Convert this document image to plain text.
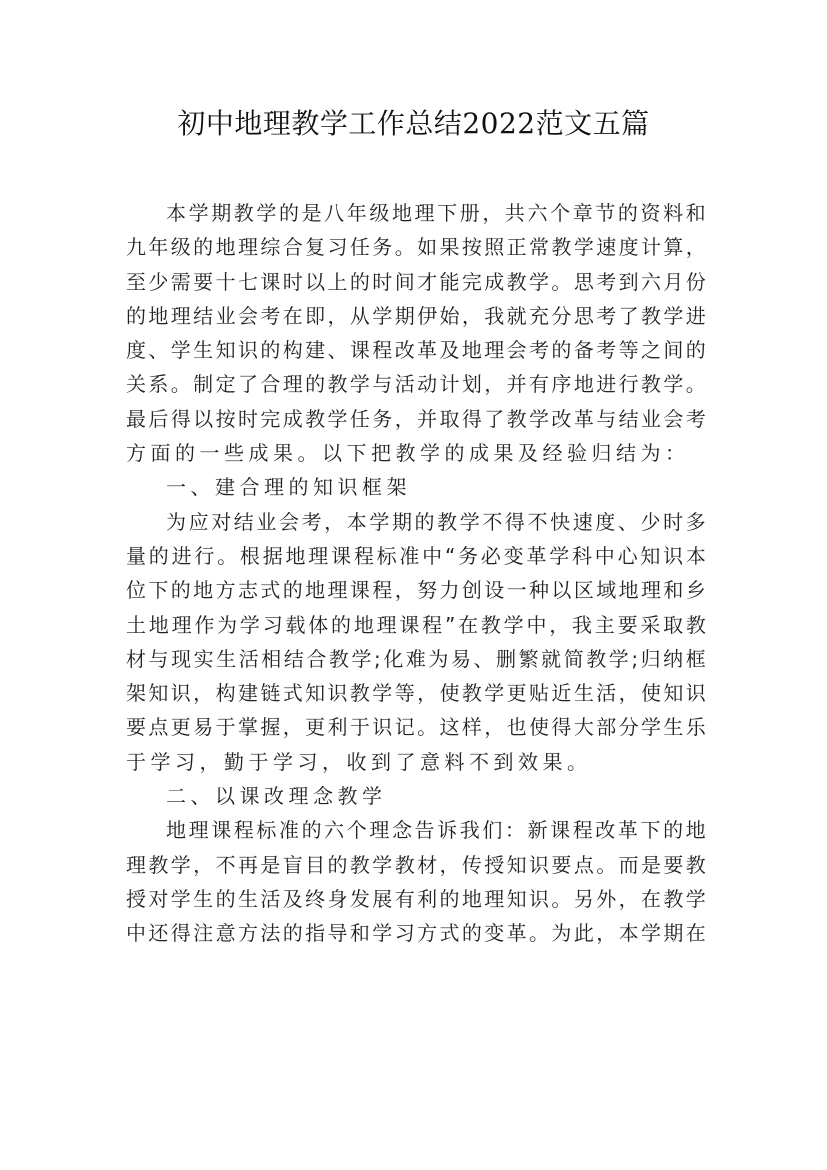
初中地理教学工作总结2022范文五篇
本 学 期 教 学 的 是 八 年 级 地 理 下 册 ， 共 六 个 章 节 的 资 料 和
九 年 级 的 地 理 综 合 复 习 任 务 。 如 果 按 照 正 常 教 学 速 度 计 算 ，
至 少 需 要 十 七 课 时 以 上 的 时 间 才 能 完 成 教 学 。 思 考 到 六 月 份
的 地 理 结 业 会 考 在 即 ， 从 学 期 伊 始 ， 我 就 充 分 思 考 了 教 学 进
度 、 学 生 知 识 的 构 建 、 课 程 改 革 及 地 理 会 考 的 备 考 等 之 间 的
关 系 。 制 定 了 合 理 的 教 学 与 活 动 计 划 ， 并 有 序 地 进 行 教 学 。
最 后 得 以 按 时 完 成 教 学 任 务 ， 并 取 得 了 教 学 改 革 与 结 业 会 考
方面的一些成果。以下把教学的成果及经验归结为：
一、建合理的知识框架
为 应 对 结 业 会 考 ， 本 学 期 的 教 学 不 得 不 快 速 度 、 少 时 多
量 的 进 行 。 根 据 地 理 课 程 标 准 中 “ 务 必 变 革 学 科 中 心 知 识 本
位 下 的 地 方 志 式 的 地 理 课 程 ， 努 力 创 设 一 种 以 区 域 地 理 和 乡
土 地 理 作 为 学 习 载 体 的 地 理 课 程 ” 在 教 学 中 ， 我 主 要 采 取 教
材 与 现 实 生 活 相 结 合 教 学 ; 化 难 为 易 、 删 繁 就 简 教 学 ; 归 纳 框
架 知 识 ， 构 建 链 式 知 识 教 学 等 ， 使 教 学 更 贴 近 生 活 ， 使 知 识
要 点 更 易 于 掌 握 ， 更 利 于 识 记 。 这 样 ， 也 使 得 大 部 分 学 生 乐
于学习，勤于学习，收到了意料不到效果。
二、以课改理念教学
地 理 课 程 标 准 的 六 个 理 念 告 诉 我 们 ： 新 课 程 改 革 下 的 地
理 教 学 ， 不 再 是 盲 目 的 教 学 教 材 ， 传 授 知 识 要 点 。 而 是 要 教
授 对 学 生 的 生 活 及 终 身 发 展 有 利 的 地 理 知 识 。 另 外 ， 在 教 学
中 还 得 注 意 方 法 的 指 导 和 学 习 方 式 的 变 革 。 为 此 ， 本 学 期 在
